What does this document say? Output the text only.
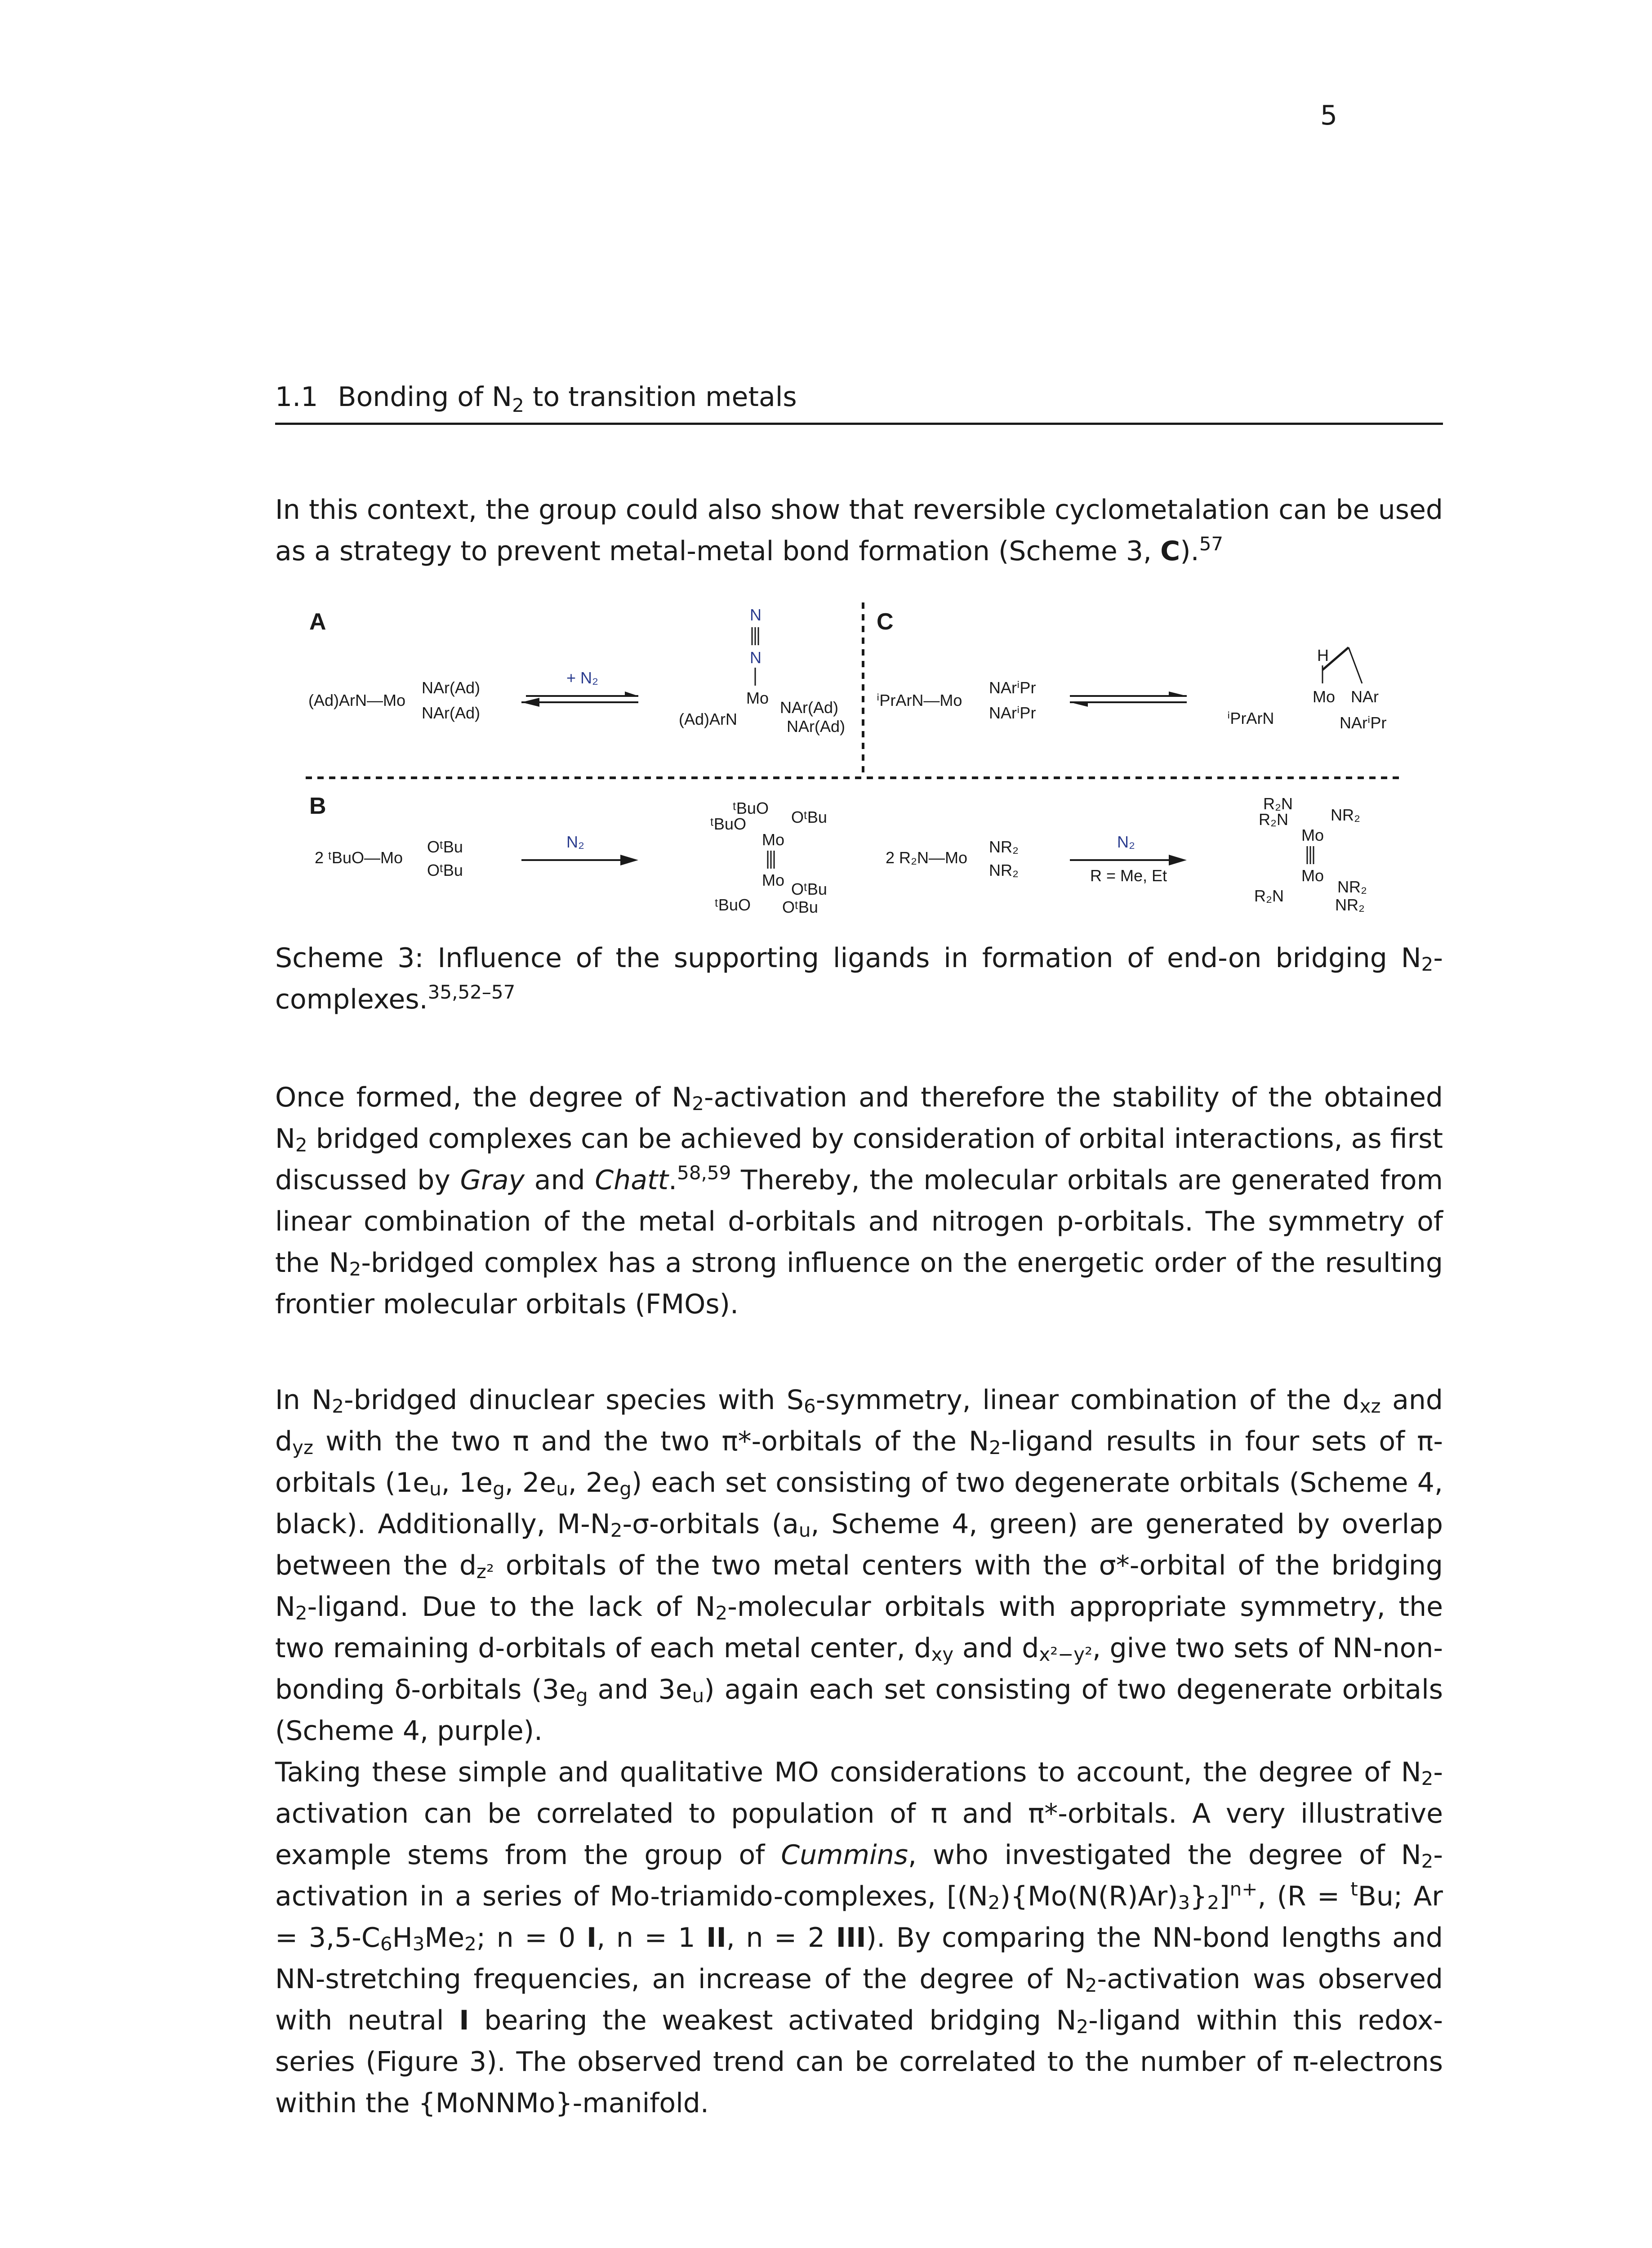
5
1.1 Bonding of $N_2$ to transition metals
In this context, the group could also show that reversible cyclometalation can be used as a strategy to prevent metal-metal bond formation (Scheme 3, C).$^{57}$
A	C
B
(Ad)ArN—Mo
NAr(Ad)
NAr(Ad)
+ N₂
N
N
Mo
(Ad)ArN
NAr(Ad)
NAr(Ad)
ⁱPrArN—Mo
NArⁱPr
NArⁱPr
H
Mo
ⁱPrArN
NAr
NArⁱPr
2 ᵗBuO—Mo
OᵗBu
OᵗBu
N₂
ᵗBuO
ᵗBuO	OᵗBu
Mo
Mo
ᵗBuO
OᵗBu
OᵗBu
2 R₂N—Mo
NR₂
NR₂
N₂
R = Me, Et
R₂N
R₂N	NR₂
Mo
Mo
R₂N	NR₂
NR₂
Scheme 3: Influence of the supporting ligands in formation of end-on bridging $N_2-complexes.^{35,52-57}$
Once formed, the degree of $N_2$-activation and therefore the stability of the obtained $N_2$ bridged complexes can be achieved by consideration of orbital interactions, as first discussed by Gray and Chatt.$^{58,59}$ Thereby, the molecular orbitals are generated from linear combination of the metal d-orbitals and nitrogen p-orbitals. The symmetry of the $N_2$-bridged complex has a strong influence on the energetic order of the resulting frontier molecular orbitals (FMOs).
In $N_2$-bridged dinuclear species with $S_6$-symmetry, linear combination of the $d_{xz}$ and $d_{yz}$ with the two π and the two π*-orbitals of the $N_2$-ligand results in four sets of π-orbitals ($1e_u$, $1e_g$, $2e_u$, $2e_g$) each set consisting of two degenerate orbitals (Scheme 4, black). Additionally, $M-N_2-\sigma$-orbitals ($a_u$, Scheme 4, green) are generated by overlap between the $d_{z^2}$ orbitals of the two metal centers with the σ*-orbital of the bridging $N_2$-ligand. Due to the lack of $N_2$-molecular orbitals with appropriate symmetry, the two remaining d-orbitals of each metal center, $d_{xy}$ and $d_{x^2-y^2}$, give two sets of NN-non-bonding δ-orbitals ($3e_g$ and $3e_u$) again each set consisting of two degenerate orbitals (Scheme 4, purple).
Taking these simple and qualitative MO considerations to account, the degree of $N_2$-activation can be correlated to population of π and π*-orbitals. A very illustrative example stems from the group of Cummins, who investigated the degree of $N_2$-activation in a series of Mo-triamido-complexes, $[(N_2)\{Mo(N(R)Ar)_3\}_2]^{n+}$, (R = $^t$Bu; $Ar = 3,5-C_6H_3Me_2$; n = 0 I, n = 1 II, n = 2 III). By comparing the NN-bond lengths and NN-stretching frequencies, an increase of the degree of $N_2$-activation was observed with neutral I bearing the weakest activated bridging $N_2$-ligand within this redox-series (Figure 3). The observed trend can be correlated to the number of π-electrons within the {MoNNMo}-manifold.
